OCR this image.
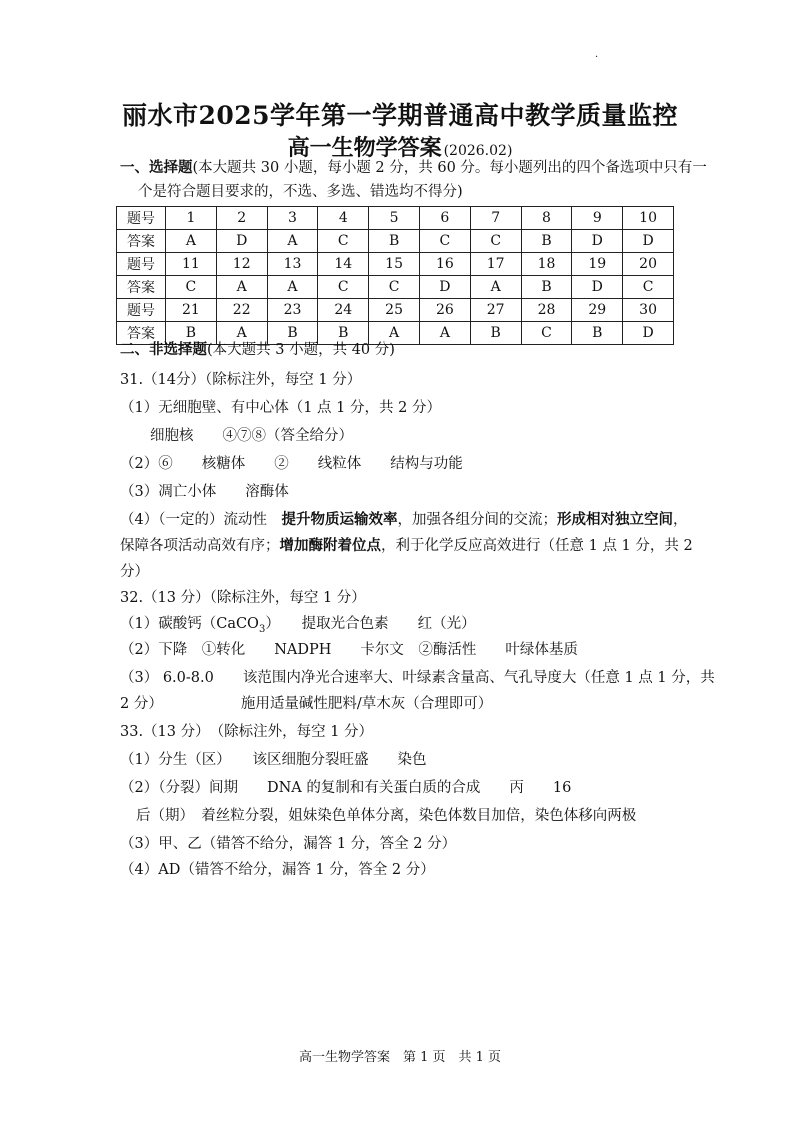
·
丽水市2025学年第一学期普通高中教学质量监控
高一生物学答案 (2026.02)
一、选择题(本大题共 30 小题，每小题 2 分，共 60 分。每小题列出的四个备选项中只有一
个是符合题目要求的，不选、多选、错选均不得分)
题号	1	2	3	4	5	6	7	8	9	10
答案	A	D	A	C	B	C	C	B	D	D
题号	11	12	13	14	15	16	17	18	19	20
答案	C	A	A	C	C	D	A	B	D	C
题号	21	22	23	24	25	26	27	28	29	30
答案	B	A	B	B	A	A	B	C	B	D
二、非选择题(本大题共 3 小题，共 40 分)
31.（14分）（除标注外，每空 1 分）
（1）无细胞壁、有中心体（1 点 1 分，共 2 分）
细胞核　　④⑦⑧（答全给分）
（2）⑥　　核糖体　　②　　线粒体　　结构与功能
（3）凋亡小体　　溶酶体
（4）（一定的）流动性　提升物质运输效率，加强各组分间的交流；形成相对独立空间，
保障各项活动高效有序；增加酶附着位点，利于化学反应高效进行（任意 1 点 1 分，共 2
分）
32.（13 分）（除标注外，每空 1 分）
（1）碳酸钙（CaCO$_3$）　　提取光合色素　　红（光）
（2）下降　①转化　　NADPH　　卡尔文　②酶活性　　叶绿体基质
（3） 6.0-8.0　　该范围内净光合速率大、叶绿素含量高、气孔导度大（任意 1 点 1 分，共
2 分）	施用适量碱性肥料/草木灰（合理即可）
33.（13 分）　（除标注外，每空 1 分）
（1）分生（区）　　该区细胞分裂旺盛　　染色
（2）（分裂）间期　　DNA 的复制和有关蛋白质的合成　　丙　　16
后（期）　着丝粒分裂，姐妹染色单体分离，染色体数目加倍，染色体移向两极
（3）甲、乙（错答不给分，漏答 1 分，答全 2 分）
（4）AD（错答不给分，漏答 1 分，答全 2 分）
高一生物学答案　第 1 页　共 1 页
